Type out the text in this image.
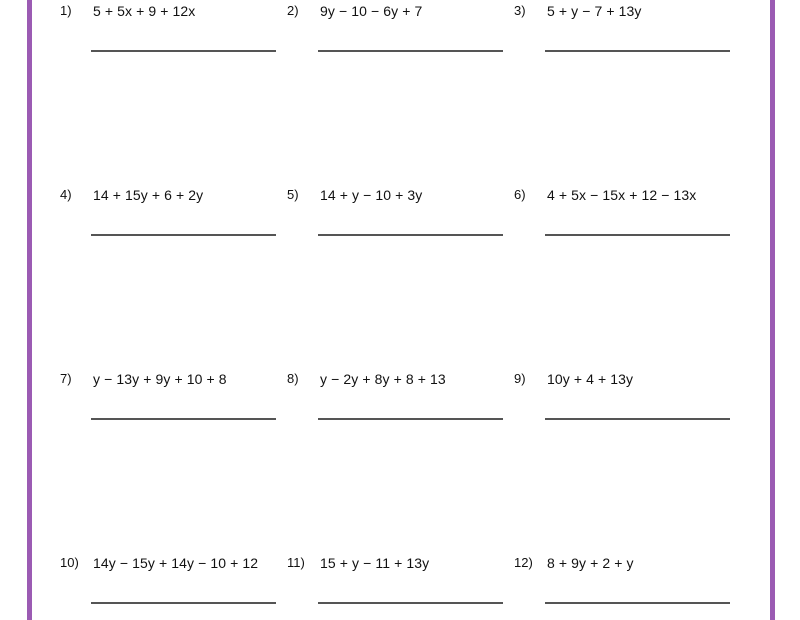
1) 5 + 5x + 9 + 12x	2) 9y − 10 − 6y + 7	3) 5 + y − 7 + 13y
4) 14 + 15y + 6 + 2y	5) 14 + y − 10 + 3y	6) 4 + 5x − 15x + 12 − 13x
7) y − 13y + 9y + 10 + 8	8) y − 2y + 8y + 8 + 13	9) 10y + 4 + 13y
10) 14y − 15y + 14y − 10 + 12 11) 15 + y − 11 + 13y	12) 8 + 9y + 2 + y
